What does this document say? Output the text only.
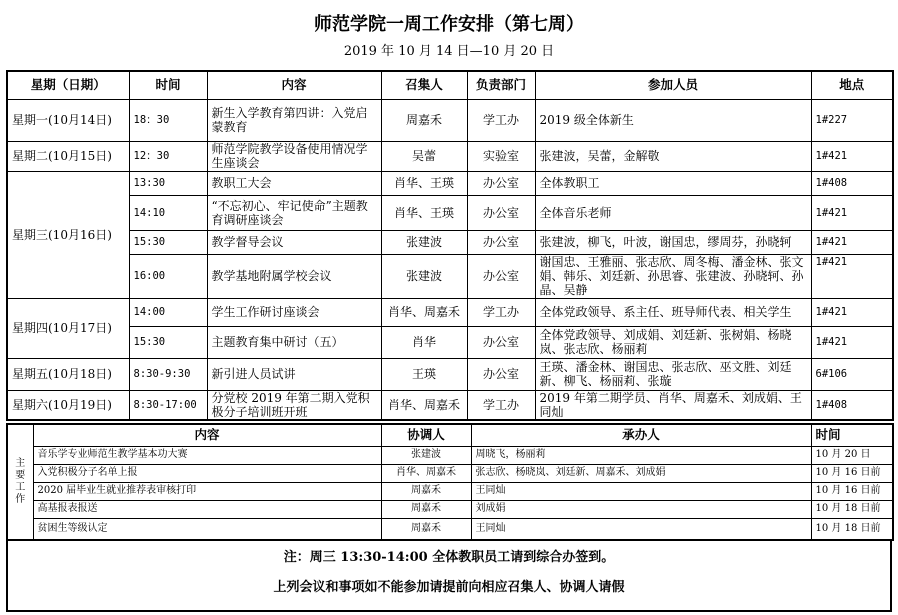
师范学院一周工作安排（第七周）
2019 年 10 月 14 日—10 月 20 日
星期（日期）	时间	内容	召集人	负责部门	参加人员	地点
星期一(10月14日)	18：30	新生入学教育第四讲：入党启蒙教育	周嘉禾	学工办	2019 级全体新生	1#227
星期二(10月15日)	12：30	师范学院教学设备使用情况学生座谈会	吴蕾	实验室	张建波，吴蕾，金解敬	1#421
星期三(10月16日)	13:30	教职工大会	肖华、王瑛	办公室	全体教职工	1#408
	14:10	“不忘初心、牢记使命”主题教育调研座谈会	肖华、王瑛	办公室	全体音乐老师	1#421
	15:30	教学督导会议	张建波	办公室	张建波，柳飞，叶波，谢国忠，缪周芬，孙晓轲	1#421
	16:00	教学基地附属学校会议	张建波	办公室	谢国忠、王雅丽、张志欣、周冬梅、潘金林、张文娟、韩乐、刘廷新、孙思睿、张建波、孙晓轲、孙晶、吴静	1#421
星期四(10月17日)	14:00	学生工作研讨座谈会	肖华、周嘉禾	学工办	全体党政领导、系主任、班导师代表、相关学生	1#421
	15:30	主题教育集中研讨（五）	肖华	办公室	全体党政领导、刘成娟、刘廷新、张树娟、杨晓岚、张志欣、杨丽莉	1#421
星期五(10月18日)	8:30-9:30	新引进人员试讲	王瑛	办公室	王瑛、潘金林、谢国忠、张志欣、巫文胜、刘廷新、柳飞、杨丽莉、张璇	6#106
星期六(10月19日)	8:30-17:00	分党校 2019 年第二期入党积极分子培训班开班	肖华、周嘉禾	学工办	2019 年第二期学员、肖华、周嘉禾、刘成娟、王同灿	1#408
主要工作	内容	协调人	承办人	时间
	音乐学专业师范生教学基本功大赛	张建波	周晓飞，杨丽莉	10 月 20 日
	入党积极分子名单上报	肖华、周嘉禾	张志欣、杨晓岚、刘廷新、周嘉禾、刘成娟	10 月 16 日前
	2020 届毕业生就业推荐表审核打印	周嘉禾	王同灿	10 月 16 日前
	高基报表报送	周嘉禾	刘成娟	10 月 18 日前
	贫困生等级认定	周嘉禾	王同灿	10 月 18 日前
注：周三 13:30-14:00 全体教职员工请到综合办签到。
上列会议和事项如不能参加请提前向相应召集人、协调人请假
